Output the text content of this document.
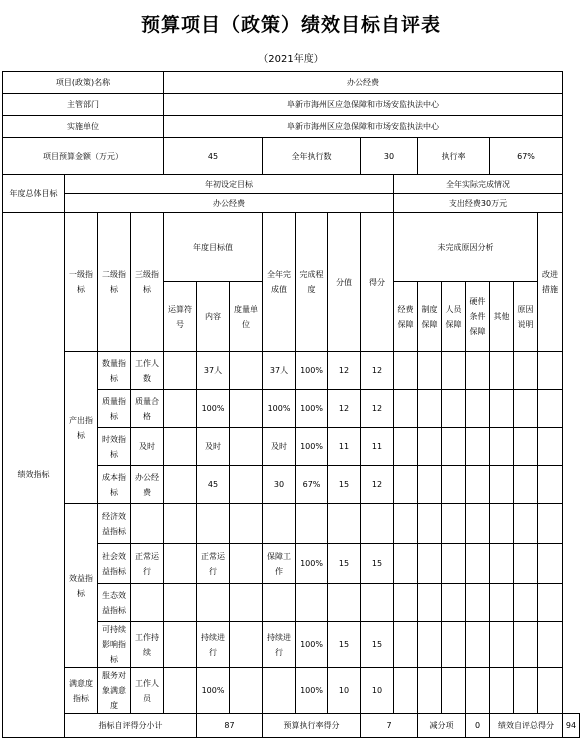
预算项目（政策）绩效目标自评表
（2021年度）
项目(政策)名称				办公经费														
主管部门				阜新市海州区应急保障和市场安监执法中心														
实施单位				阜新市海州区应急保障和市场安监执法中心														
项目预算金额（万元）				45			全年执行数			30		执行率			67%			
年度总体目标	年初设定目标										全年实际完成情况							
	办公经费										支出经费30万元							
绩效指标	一级指标	二级指标	三级指标	年度目标值			全年完成值	完成程度	分值	得分	未完成原因分析						改进措施	
				运算符号	内容	度量单位					经费保障	制度保障	人员保障	硬件条件保障	其他	原因说明		
	产出指标	数量指标	工作人数		37人		37人	100%	12	12								
		质量指标	质量合格		100%		100%	100%	12	12								
		时效指标	及时		及时		及时	100%	11	11								
		成本指标	办公经费		45		30	67%	15	12								
	效益指标	经济效益指标																
		社会效益指标	正常运行		正常运行		保障工作	100%	15	15								
		生态效益指标																
		可持续影响指标	工作持续		持续进行		持续进行	100%	15	15								
	满意度指标	服务对象满意度	工作人员		100%			100%	10	10								
	指标自评得分小计				87		预算执行率得分			7		减分项		0	绩效自评总得分			94
